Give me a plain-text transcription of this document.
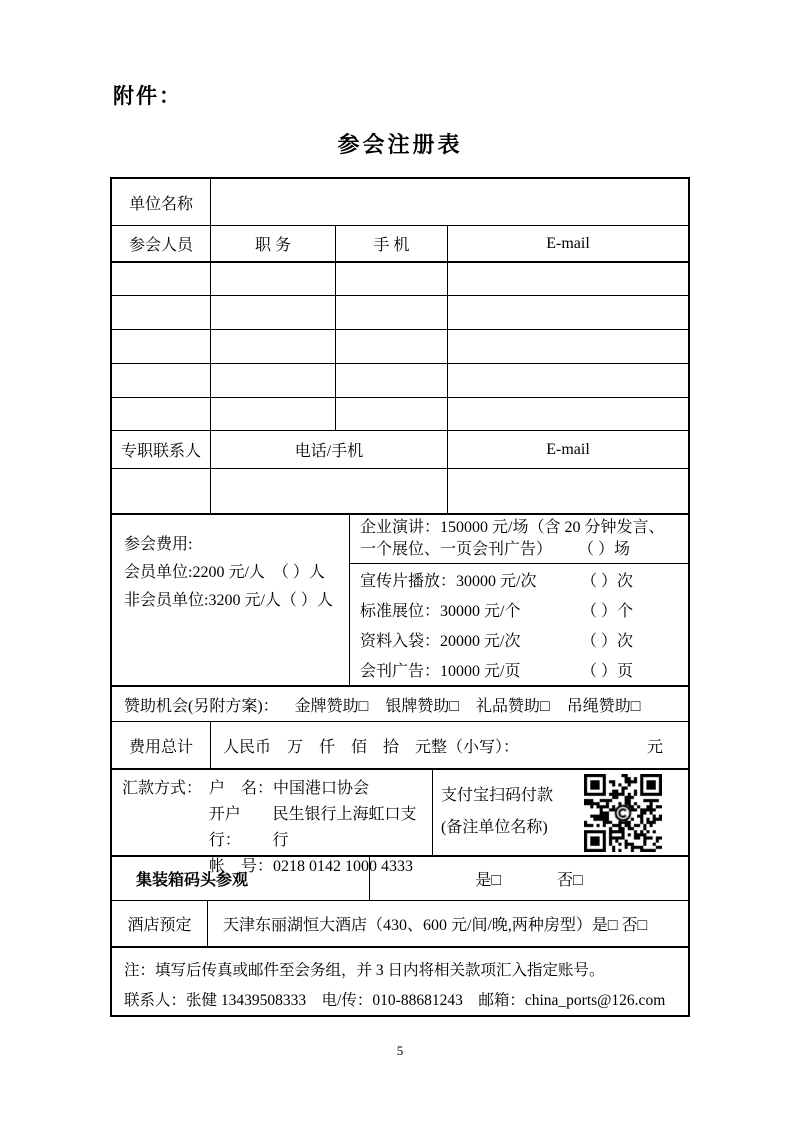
附件：
参会注册表
单位名称
参会人员	职 务	手 机	E-mail
专职联系人	电话/手机	E-mail
参会费用:
会员单位:2200 元/人　（ ）人
非会员单位:3200 元/人（ ）人
企业演讲：150000 元/场（含 20 分钟发言、一个展位、一页会刊广告） （ ）场
宣传片播放：30000 元/次	（ ）次
标准展位：30000 元/个	（ ）个
资料入袋：20000 元/次	（ ）次
会刊广告：10000 元/页	（ ）页
赞助机会(另附方案)： 金牌赞助□ 银牌赞助□ 礼品赞助□ 吊绳赞助□
费用总计	人民币　万　仟　佰　拾　元整（小写）：	元
汇款方式： 户　名： 中国港口协会
开户行：
民生银行上海虹口支行
帐　号： 0218 0142 1000 4333
支付宝扫码付款
(备注单位名称)
集装箱码头参观	是□	否□
酒店预定	天津东丽湖恒大酒店（430、600 元/间/晚,两种房型）是□ 否□
注：填写后传真或邮件至会务组，并 3 日内将相关款项汇入指定账号。
联系人：张健 13439508333　电/传：010-88681243　邮箱：china_ports@126.com
5
